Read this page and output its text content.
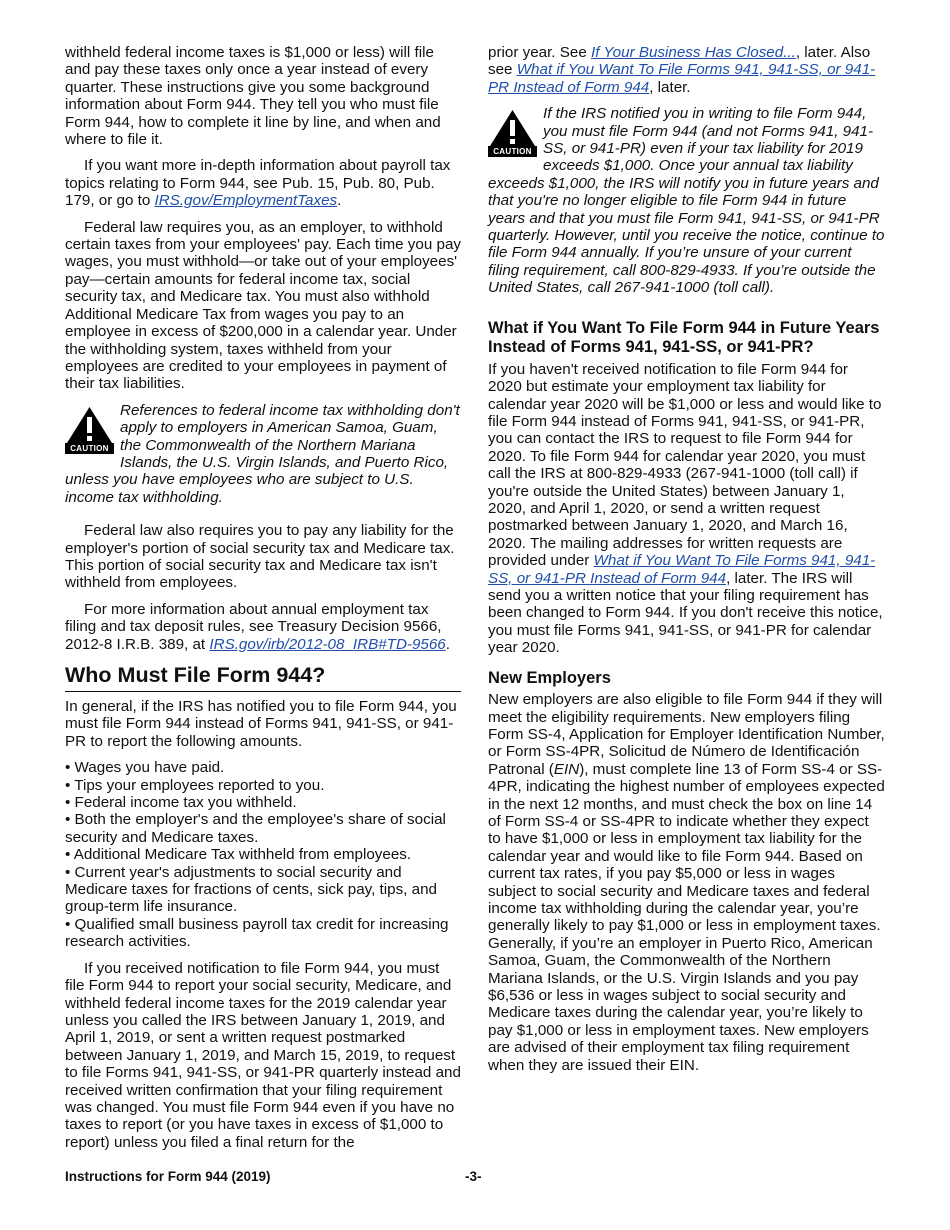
withheld federal income taxes is $1,000 or less) will file and pay these taxes only once a year instead of every quarter. These instructions give you some background information about Form 944. They tell you who must file Form 944, how to complete it line by line, and when and where to file it.

If you want more in-depth information about payroll tax topics relating to Form 944, see Pub. 15, Pub. 80, Pub. 179, or go to IRS.gov/EmploymentTaxes.

Federal law requires you, as an employer, to withhold certain taxes from your employees' pay. Each time you pay wages, you must withhold—or take out of your employees' pay—certain amounts for federal income tax, social security tax, and Medicare tax. You must also withhold Additional Medicare Tax from wages you pay to an employee in excess of $200,000 in a calendar year. Under the withholding system, taxes withheld from your employees are credited to your employees in payment of their tax liabilities.

CAUTION
References to federal income tax withholding don't apply to employers in American Samoa, Guam, the Commonwealth of the Northern Mariana Islands, the U.S. Virgin Islands, and Puerto Rico, unless you have employees who are subject to U.S. income tax withholding.

Federal law also requires you to pay any liability for the employer's portion of social security tax and Medicare tax. This portion of social security tax and Medicare tax isn't withheld from employees.

For more information about annual employment tax filing and tax deposit rules, see Treasury Decision 9566, 2012-8 I.R.B. 389, at IRS.gov/irb/2012-08_IRB#TD-9566.

Who Must File Form 944?

In general, if the IRS has notified you to file Form 944, you must file Form 944 instead of Forms 941, 941-SS, or 941-PR to report the following amounts.

• Wages you have paid.
• Tips your employees reported to you.
• Federal income tax you withheld.
• Both the employer's and the employee's share of social security and Medicare taxes.
• Additional Medicare Tax withheld from employees.
• Current year's adjustments to social security and Medicare taxes for fractions of cents, sick pay, tips, and group-term life insurance.
• Qualified small business payroll tax credit for increasing research activities.

If you received notification to file Form 944, you must file Form 944 to report your social security, Medicare, and withheld federal income taxes for the 2019 calendar year unless you called the IRS between January 1, 2019, and April 1, 2019, or sent a written request postmarked between January 1, 2019, and March 15, 2019, to request to file Forms 941, 941-SS, or 941-PR quarterly instead and received written confirmation that your filing requirement was changed. You must file Form 944 even if you have no taxes to report (or you have taxes in excess of $1,000 to report) unless you filed a final return for the

prior year. See If Your Business Has Closed..., later. Also see What if You Want To File Forms 941, 941-SS, or 941-PR Instead of Form 944, later.

CAUTION
If the IRS notified you in writing to file Form 944, you must file Form 944 (and not Forms 941, 941-SS, or 941-PR) even if your tax liability for 2019 exceeds $1,000. Once your annual tax liability exceeds $1,000, the IRS will notify you in future years and that you're no longer eligible to file Form 944 in future years and that you must file Form 941, 941-SS, or 941-PR quarterly. However, until you receive the notice, continue to file Form 944 annually. If you’re unsure of your current filing requirement, call 800-829-4933. If you’re outside the United States, call 267-941-1000 (toll call).
What if You Want To File Form 944 in Future Years Instead of Forms 941, 941-SS, or 941-PR?

If you haven't received notification to file Form 944 for 2020 but estimate your employment tax liability for calendar year 2020 will be $1,000 or less and would like to file Form 944 instead of Forms 941, 941-SS, or 941-PR, you can contact the IRS to request to file Form 944 for 2020. To file Form 944 for calendar year 2020, you must call the IRS at 800-829-4933 (267-941-1000 (toll call) if you're outside the United States) between January 1, 2020, and April 1, 2020, or send a written request postmarked between January 1, 2020, and March 16, 2020. The mailing addresses for written requests are provided under What if You Want To File Forms 941, 941-SS, or 941-PR Instead of Form 944, later. The IRS will send you a written notice that your filing requirement has been changed to Form 944. If you don't receive this notice, you must file Forms 941, 941-SS, or 941-PR for calendar year 2020.

New Employers

New employers are also eligible to file Form 944 if they will meet the eligibility requirements. New employers filing Form SS-4, Application for Employer Identification Number, or Form SS-4PR, Solicitud de Número de Identificación Patronal (EIN), must complete line 13 of Form SS-4 or SS-4PR, indicating the highest number of employees expected in the next 12 months, and must check the box on line 14 of Form SS-4 or SS-4PR to indicate whether they expect to have $1,000 or less in employment tax liability for the calendar year and would like to file Form 944. Based on current tax rates, if you pay $5,000 or less in wages subject to social security and Medicare taxes and federal income tax withholding during the calendar year, you’re generally likely to pay $1,000 or less in employment taxes. Generally, if you’re an employer in Puerto Rico, American Samoa, Guam, the Commonwealth of the Northern Mariana Islands, or the U.S. Virgin Islands and you pay $6,536 or less in wages subject to social security and Medicare taxes during the calendar year, you’re likely to pay $1,000 or less in employment taxes. New employers are advised of their employment tax filing requirement when they are issued their EIN.

Instructions for Form 944 (2019)	-3-
